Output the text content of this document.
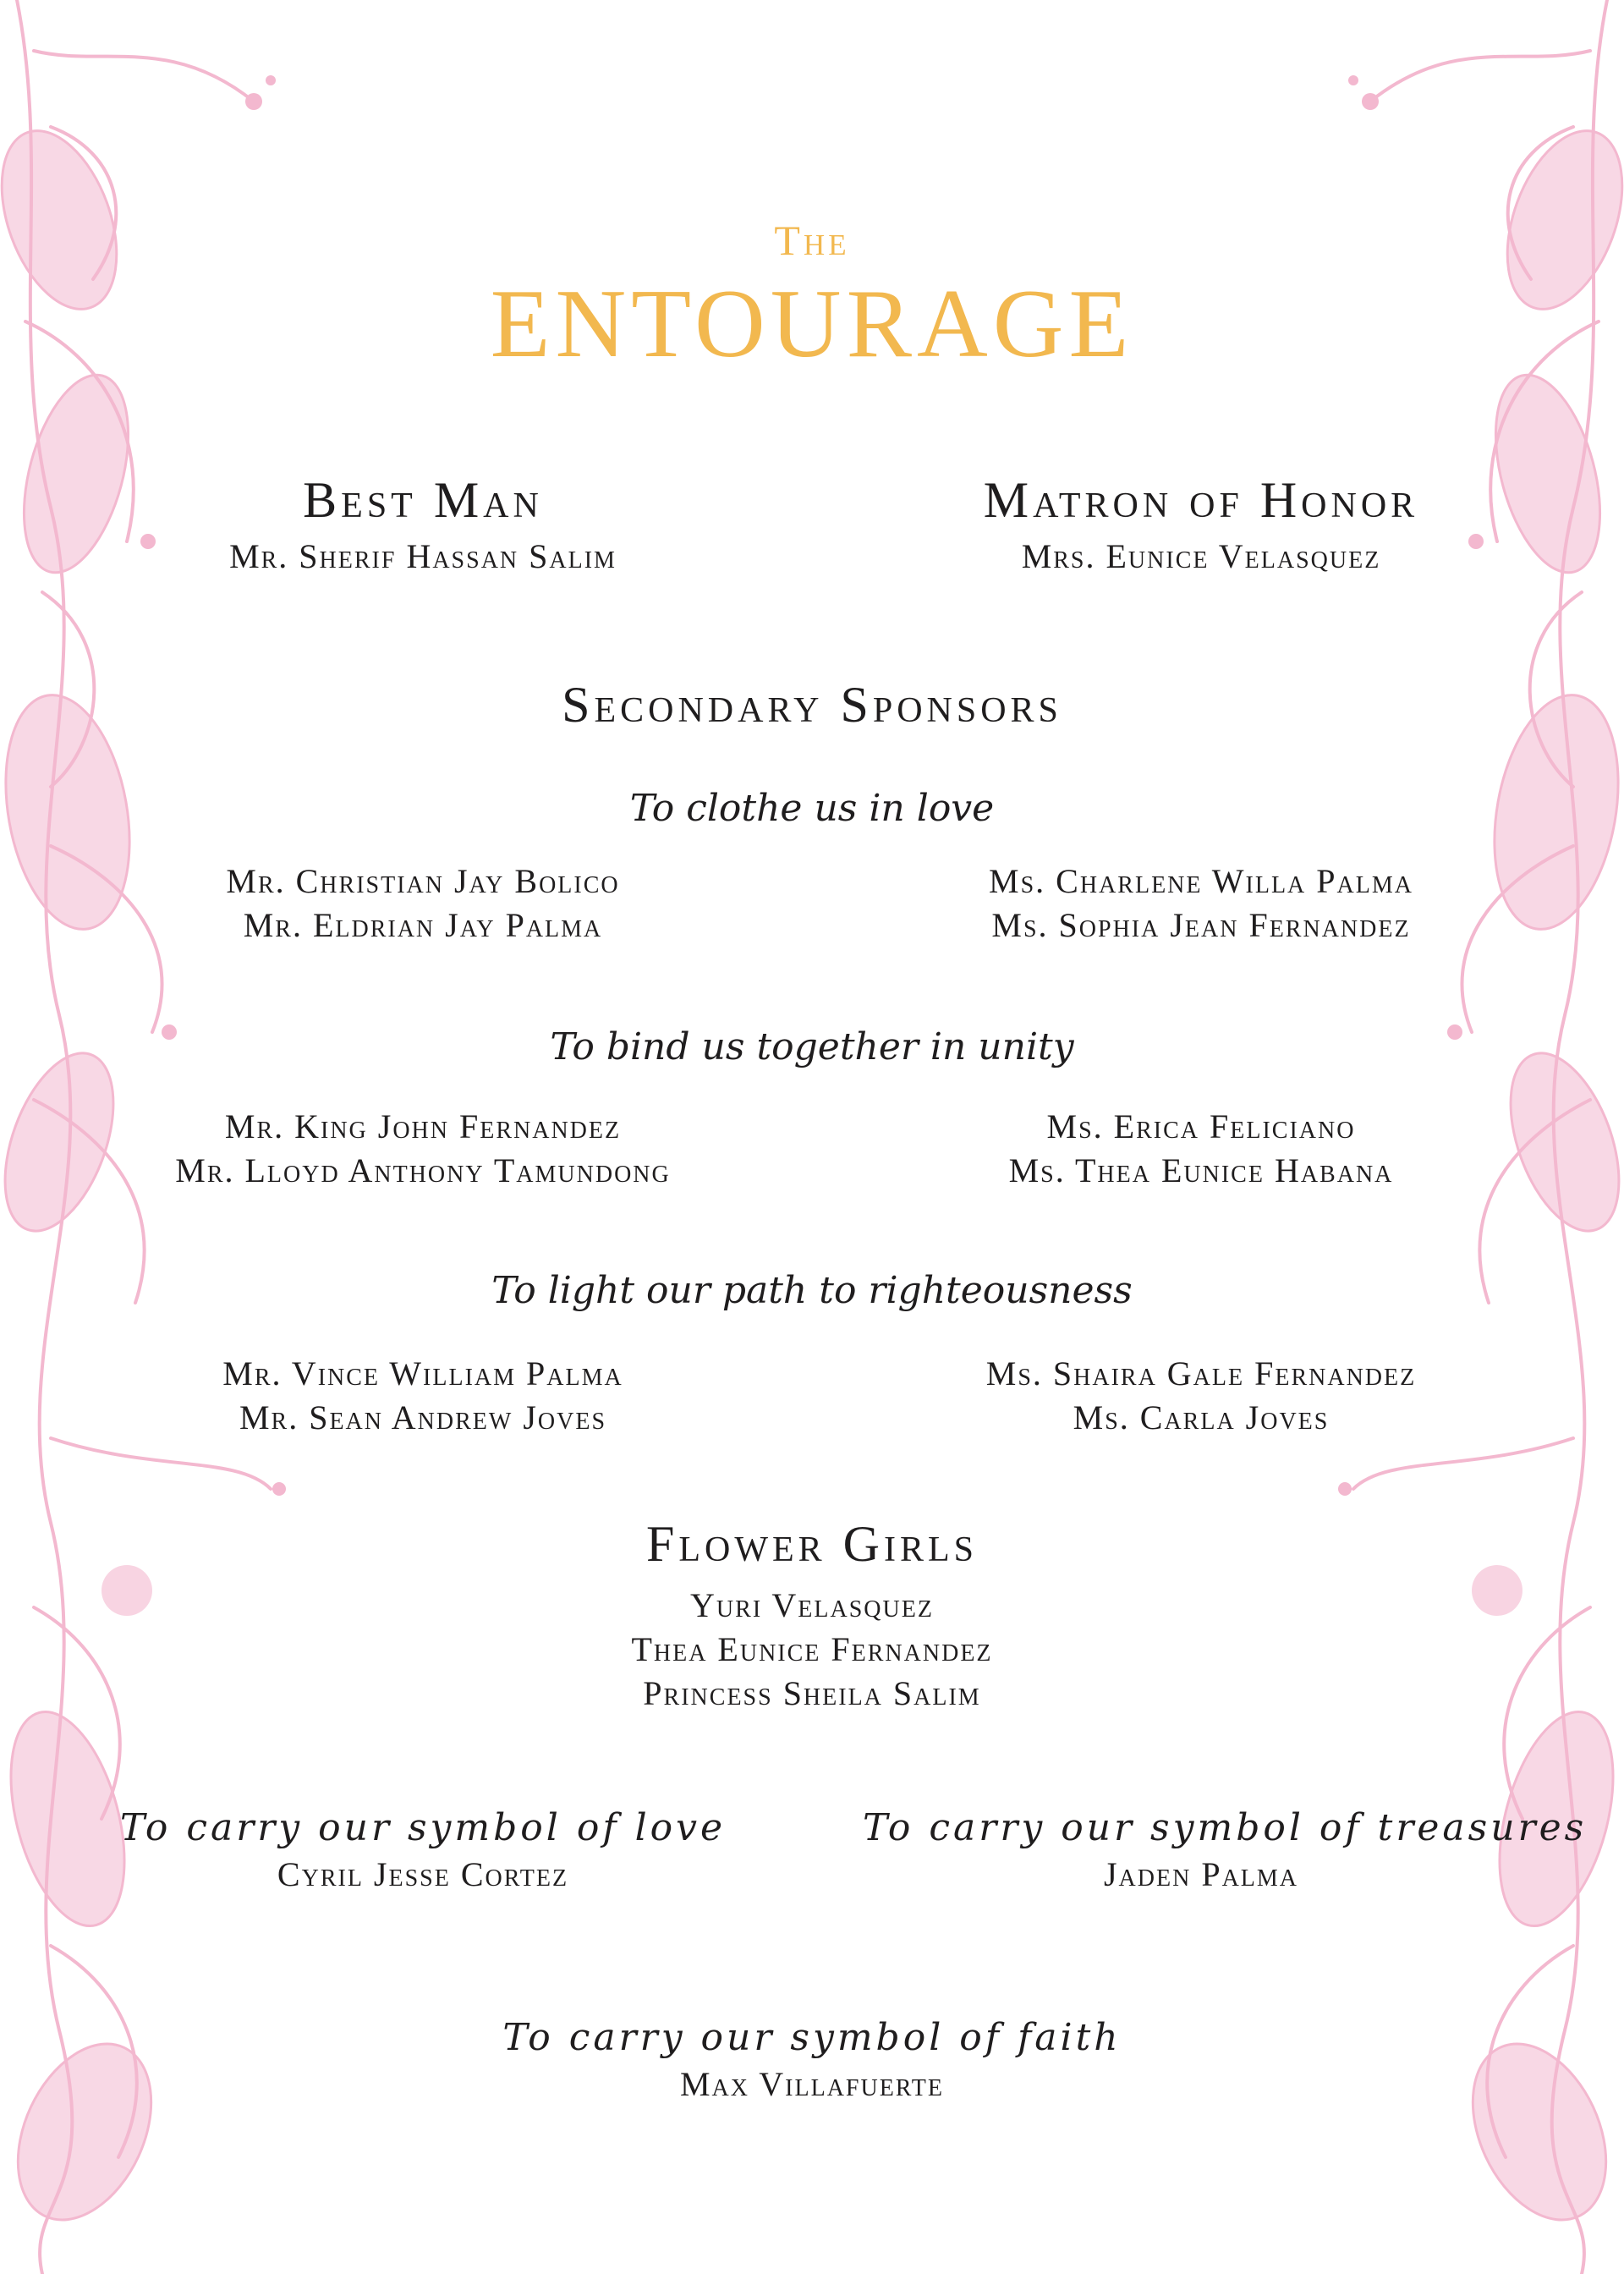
The
ENTOURAGE
Best Man
Mr. Sherif Hassan Salim
Matron of Honor
Mrs. Eunice Velasquez
Secondary Sponsors
To clothe us in love
Mr. Christian Jay Bolico
Mr. Eldrian Jay Palma
Ms. Charlene Willa Palma
Ms. Sophia Jean Fernandez
To bind us together in unity
Mr. King John Fernandez
Mr. Lloyd Anthony Tamundong
Ms. Erica Feliciano
Ms. Thea Eunice Habana
To light our path to righteousness
Mr. Vince William Palma
Mr. Sean Andrew Joves
Ms. Shaira Gale Fernandez
Ms. Carla Joves
Flower Girls
Yuri Velasquez
Thea Eunice Fernandez
Princess Sheila Salim
To carry our symbol of love
Cyril Jesse Cortez
To carry our symbol of treasures
Jaden Palma
To carry our symbol of faith
Max Villafuerte
